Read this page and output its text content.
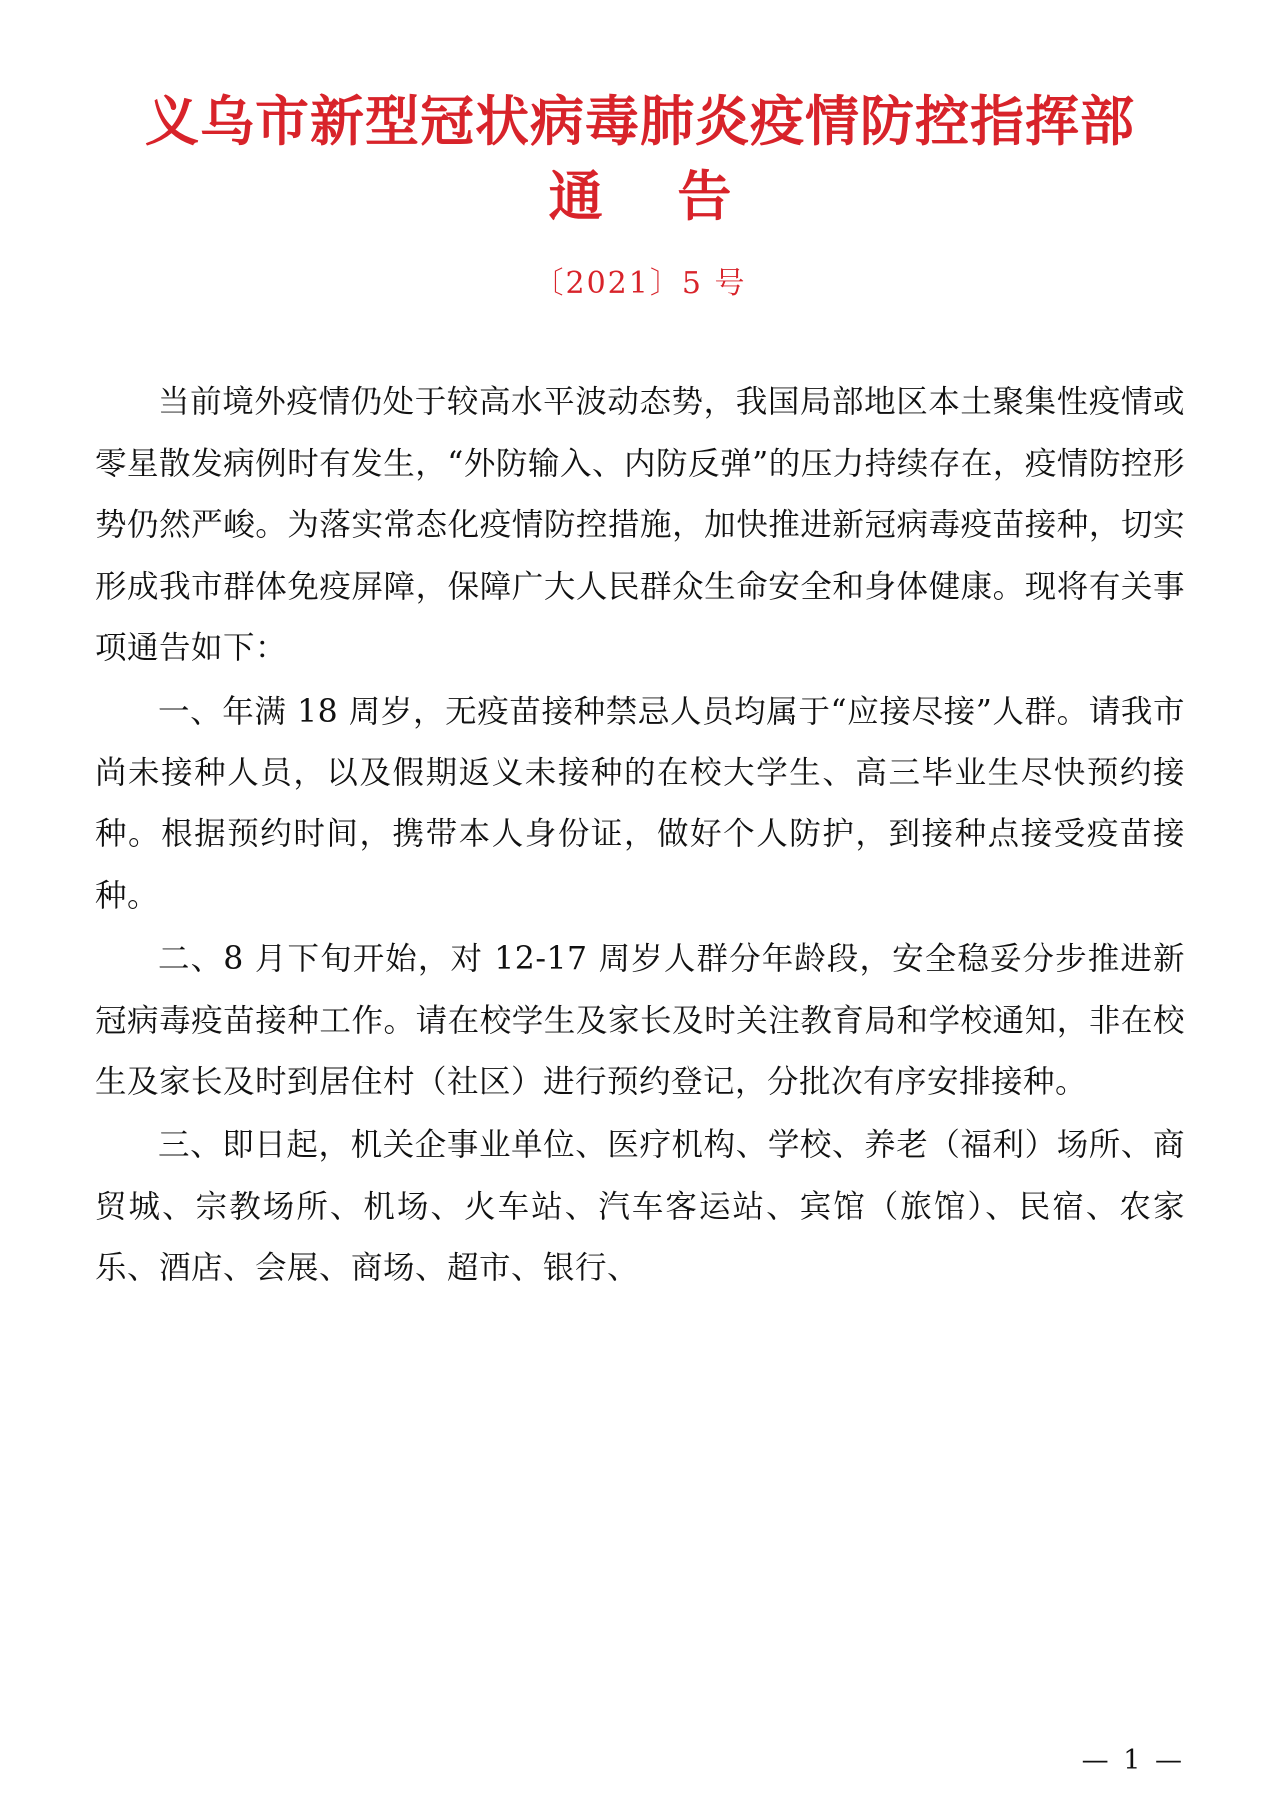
义乌市新型冠状病毒肺炎疫情防控指挥部
通 告
〔2021〕5 号

当前境外疫情仍处于较高水平波动态势，我国局部地区本土聚集性疫情或零星散发病例时有发生，“外防输入、内防反弹”的压力持续存在，疫情防控形势仍然严峻。为落实常态化疫情防控措施，加快推进新冠病毒疫苗接种，切实形成我市群体免疫屏障，保障广大人民群众生命安全和身体健康。现将有关事项通告如下：

一、年满 18 周岁，无疫苗接种禁忌人员均属于“应接尽接”人群。请我市尚未接种人员，以及假期返义未接种的在校大学生、高三毕业生尽快预约接种。根据预约时间，携带本人身份证，做好个人防护，到接种点接受疫苗接种。

二、8 月下旬开始，对 12-17 周岁人群分年龄段，安全稳妥分步推进新冠病毒疫苗接种工作。请在校学生及家长及时关注教育局和学校通知，非在校生及家长及时到居住村（社区）进行预约登记，分批次有序安排接种。

三、即日起，机关企事业单位、医疗机构、学校、养老（福利）场所、商贸城、宗教场所、机场、火车站、汽车客运站、宾馆（旅馆）、民宿、农家乐、酒店、会展、商场、超市、银行、

— 1 —
